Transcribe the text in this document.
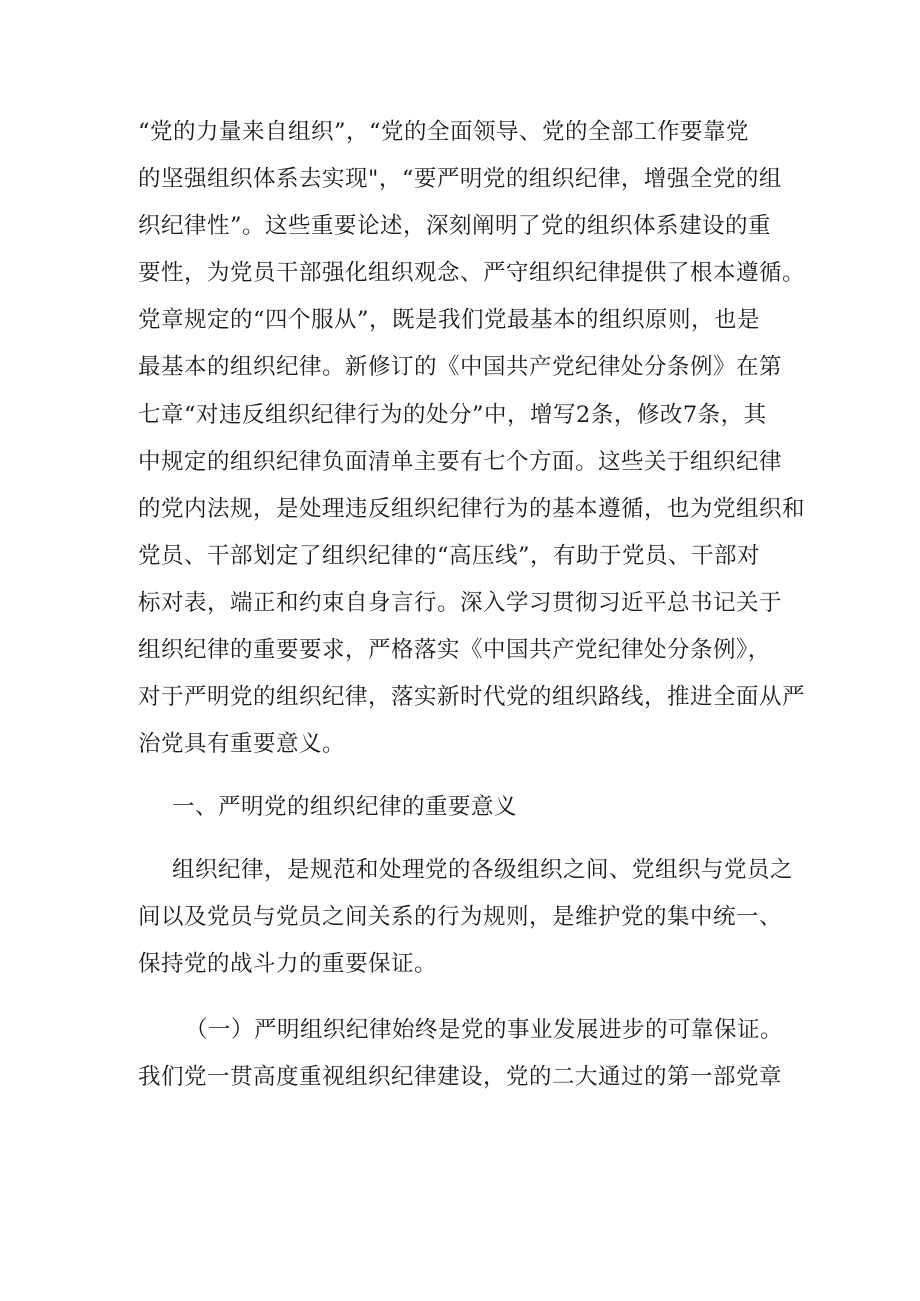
“党的力量来自组织”，“党的全面领导、党的全部工作要靠党

的坚强组织体系去实现"，“要严明党的组织纪律，增强全党的组

织纪律性”。这些重要论述，深刻阐明了党的组织体系建设的重

要性，为党员干部强化组织观念、严守组织纪律提供了根本遵循。

党章规定的“四个服从”，既是我们党最基本的组织原则，也是

最基本的组织纪律。新修订的《中国共产党纪律处分条例》在第

七章“对违反组织纪律行为的处分”中，增写2条，修改7条，其

中规定的组织纪律负面清单主要有七个方面。这些关于组织纪律

的党内法规，是处理违反组织纪律行为的基本遵循，也为党组织和

党员、干部划定了组织纪律的“高压线”，有助于党员、干部对

标对表，端正和约束自身言行。深入学习贯彻习近平总书记关于

组织纪律的重要要求，严格落实《中国共产党纪律处分条例》，

对于严明党的组织纪律，落实新时代党的组织路线，推进全面从严

治党具有重要意义。

一、严明党的组织纪律的重要意义

组织纪律，是规范和处理党的各级组织之间、党组织与党员之

间以及党员与党员之间关系的行为规则，是维护党的集中统一、

保持党的战斗力的重要保证。

（一）严明组织纪律始终是党的事业发展进步的可靠保证。

我们党一贯高度重视组织纪律建设，党的二大通过的第一部党章
